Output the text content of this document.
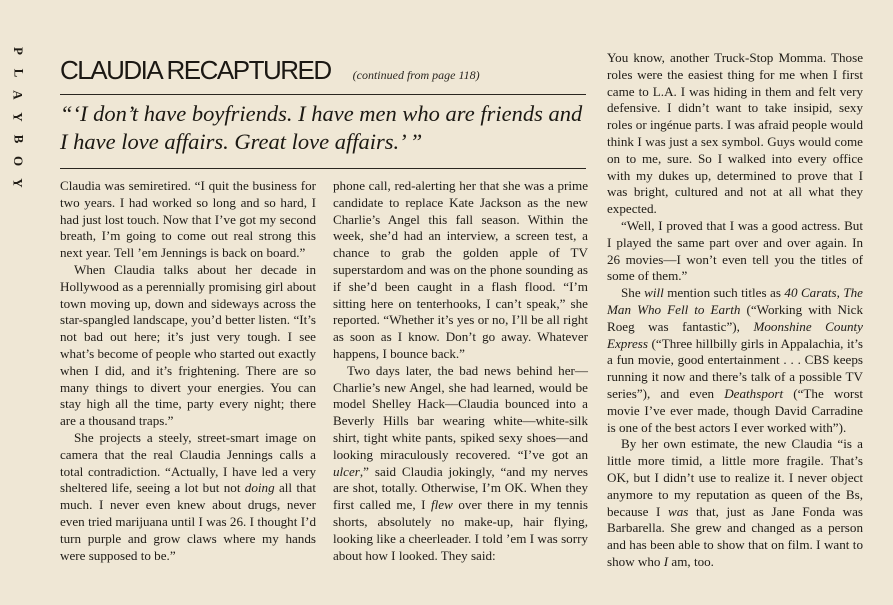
P
L
A
Y
B
O
Y
CLAUDIA RECAPTURED (continued from page 118)

“‘I don’t have boyfriends. I have men who are friends and I have love affairs. Great love affairs.’ ”

Claudia was semiretired. “I quit the business for two years. I had worked so long and so hard, I had just lost touch. Now that I’ve got my second breath, I’m going to come out real strong this next year. Tell ’em Jennings is back on board.”

When Claudia talks about her decade in Hollywood as a perennially promising girl about town moving up, down and sideways across the star-spangled landscape, you’d better listen. “It’s not bad out here; it’s just very tough. I see what’s become of people who started out exactly when I did, and it’s frightening. There are so many things to divert your energies. You can stay high all the time, party every night; there are a thousand traps.”

She projects a steely, street-smart image on camera that the real Claudia Jennings calls a total contradiction. “Actually, I have led a very sheltered life, seeing a lot but not doing all that much. I never even knew about drugs, never even tried marijuana until I was 26. I thought I’d turn purple and grow claws where my hands were supposed to be.”

phone call, red-alerting her that she was a prime candidate to replace Kate Jackson as the new Charlie’s Angel this fall season. Within the week, she’d had an interview, a screen test, a chance to grab the golden apple of TV superstardom and was on the phone sounding as if she’d been caught in a flash flood. “I’m sitting here on tenterhooks, I can’t speak,” she reported. “Whether it’s yes or no, I’ll be all right as soon as I know. Don’t go away. Whatever happens, I bounce back.”

Two days later, the bad news behind her—Charlie’s new Angel, she had learned, would be model Shelley Hack—Claudia bounced into a Beverly Hills bar wearing white—white-silk shirt, tight white pants, spiked sexy shoes—and looking miraculously recovered. “I’ve got an ulcer,” said Claudia jokingly, “and my nerves are shot, totally. Otherwise, I’m OK. When they first called me, I flew over there in my tennis shorts, absolutely no make-up, hair flying, looking like a cheerleader. I told ’em I was sorry about how I looked. They said:

You know, another Truck-Stop Momma. Those roles were the easiest thing for me when I first came to L.A. I was hiding in them and felt very defensive. I didn’t want to take insipid, sexy roles or ingénue parts. I was afraid people would think I was just a sex symbol. Guys would come on to me, sure. So I walked into every office with my dukes up, determined to prove that I was bright, cultured and not at all what they expected.

“Well, I proved that I was a good actress. But I played the same part over and over again. In 26 movies—I won’t even tell you the titles of some of them.”

She will mention such titles as 40 Carats, The Man Who Fell to Earth (“Working with Nick Roeg was fantastic”), Moonshine County Express (“Three hillbilly girls in Appalachia, it’s a fun movie, good entertainment . . . CBS keeps running it now and there’s talk of a possible TV series”), and even Deathsport (“The worst movie I’ve ever made, though David Carradine is one of the best actors I ever worked with”).

By her own estimate, the new Claudia “is a little more timid, a little more fragile. That’s OK, but I didn’t use to realize it. I never object anymore to my reputation as queen of the Bs, because I was that, just as Jane Fonda was Barbarella. She grew and changed as a person and has been able to show that on film. I want to show who I am, too.
